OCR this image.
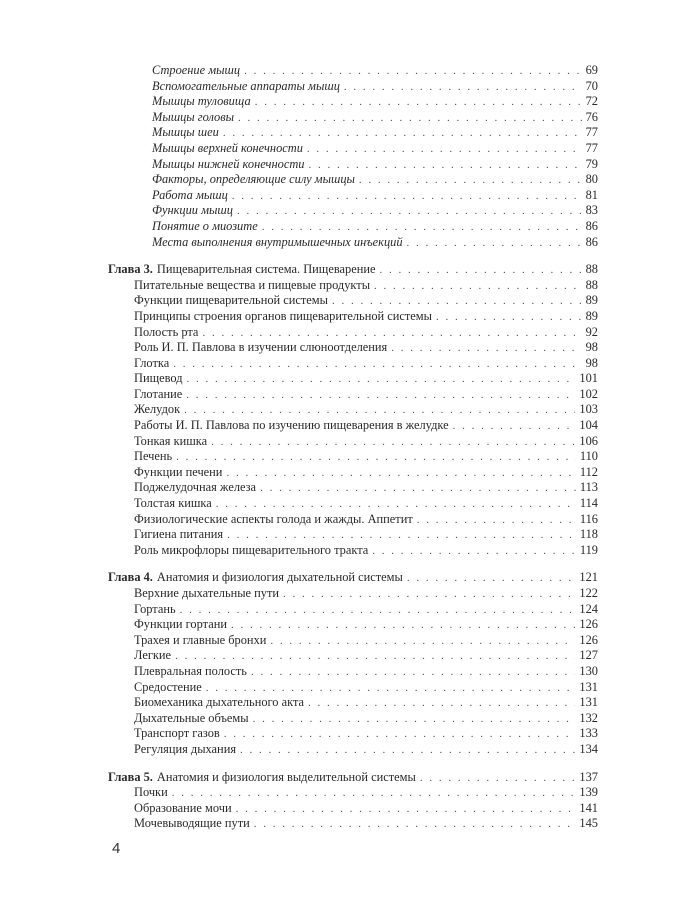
Строение мышц . . .	69
Вспомогательные аппараты мышц . . .	70
Мышцы туловища . . .	72
Мышцы головы . . .	76
Мышцы шеи . . .	77
Мышцы верхней конечности . . .	77
Мышцы нижней конечности . . .	79
Факторы, определяющие силу мышцы . . .	80
Работа мышц . . .	81
Функции мышц . . .	83
Понятие о миозите . . .	86
Места выполнения внутримышечных инъекций . . .	86
Глава 3. Пищеварительная система. Пищеварение . . .	88
Питательные вещества и пищевые продукты . . .	88
Функции пищеварительной системы . . .	89
Принципы строения органов пищеварительной системы . . .	89
Полость рта . . .	92
Роль И. П. Павлова в изучении слюноотделения . . .	98
Глотка . . .	98
Пищевод . . .	101
Глотание . . .	102
Желудок . . .	103
Работы И. П. Павлова по изучению пищеварения в желудке . . .	104
Тонкая кишка . . .	106
Печень . . .	110
Функции печени . . .	112
Поджелудочная железа . . .	113
Толстая кишка . . .	114
Физиологические аспекты голода и жажды. Аппетит . . .	116
Гигиена питания . . .	118
Роль микрофлоры пищеварительного тракта . . .	119
Глава 4. Анатомия и физиология дыхательной системы . . .	121
Верхние дыхательные пути . . .	122
Гортань . . .	124
Функции гортани . . .	126
Трахея и главные бронхи . . .	126
Легкие . . .	127
Плевральная полость . . .	130
Средостение . . .	131
Биомеханика дыхательного акта . . .	131
Дыхательные объемы . . .	132
Транспорт газов . . .	133
Регуляция дыхания . . .	134
Глава 5. Анатомия и физиология выделительной системы . . .	137
Почки . . .	139
Образование мочи . . .	141
Мочевыводящие пути . . .	145
4
